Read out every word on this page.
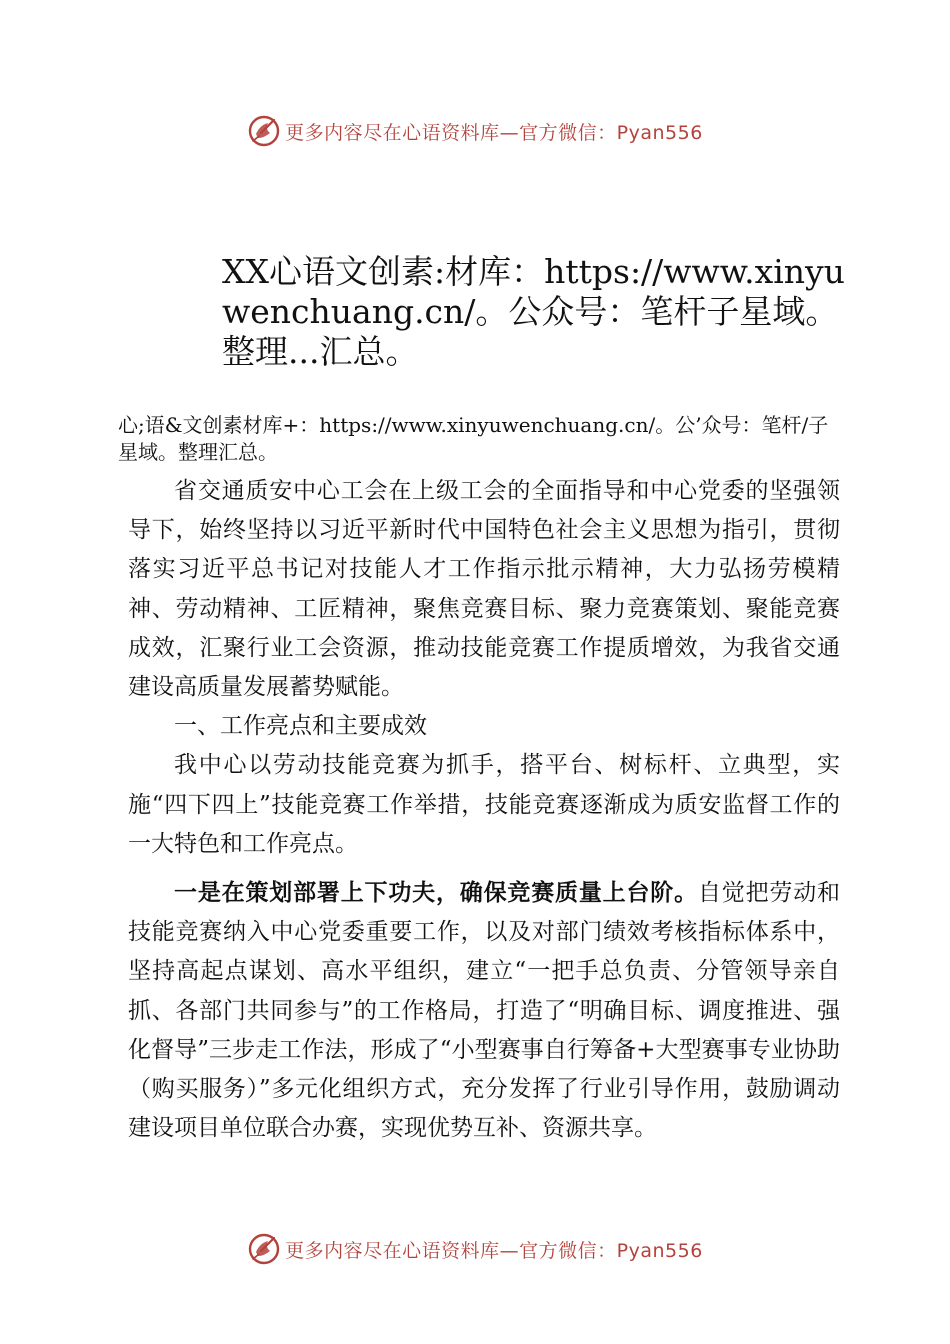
更多内容尽在心语资料库—官方微信：Pyan556
XX心语文创素:材库：https://www.xinyuwenchuang.cn/。公众号：笔杆子星域。整理...汇总。

心;语&文创素材库+：https://www.xinyuwenchuang.cn/。公’众号：笔杆/子星域。整理汇总。

省交通质安中心工会在上级工会的全面指导和中心党委的坚强领导下，始终坚持以习近平新时代中国特色社会主义思想为指引，贯彻落实习近平总书记对技能人才工作指示批示精神，大力弘扬劳模精神、劳动精神、工匠精神，聚焦竞赛目标、聚力竞赛策划、聚能竞赛成效，汇聚行业工会资源，推动技能竞赛工作提质增效，为我省交通建设高质量发展蓄势赋能。

一、工作亮点和主要成效

我中心以劳动技能竞赛为抓手，搭平台、树标杆、立典型，实施“四下四上”技能竞赛工作举措，技能竞赛逐渐成为质安监督工作的一大特色和工作亮点。

一是在策划部署上下功夫，确保竞赛质量上台阶。自觉把劳动和技能竞赛纳入中心党委重要工作，以及对部门绩效考核指标体系中，坚持高起点谋划、高水平组织，建立“一把手总负责、分管领导亲自抓、各部门共同参与”的工作格局，打造了“明确目标、调度推进、强化督导”三步走工作法，形成了“小型赛事自行筹备+大型赛事专业协助（购买服务）”多元化组织方式，充分发挥了行业引导作用，鼓励调动建设项目单位联合办赛，实现优势互补、资源共享。

更多内容尽在心语资料库—官方微信：Pyan556
